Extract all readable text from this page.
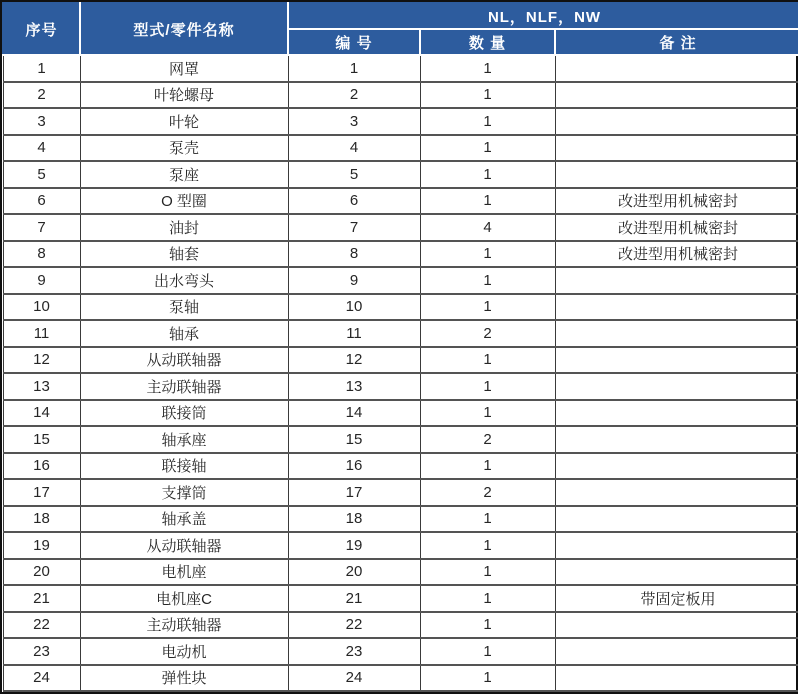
序号	型式/零件名称	NL，NLF，NW		
		编 号	数 量	备 注
1	网罩	1	1	
2	叶轮螺母	2	1	
3	叶轮	3	1	
4	泵壳	4	1	
5	泵座	5	1	
6	O 型圈	6	1	改进型用机械密封
7	油封	7	4	改进型用机械密封
8	轴套	8	1	改进型用机械密封
9	出水弯头	9	1	
10	泵轴	10	1	
11	轴承	11	2	
12	从动联轴器	12	1	
13	主动联轴器	13	1	
14	联接筒	14	1	
15	轴承座	15	2	
16	联接轴	16	1	
17	支撑筒	17	2	
18	轴承盖	18	1	
19	从动联轴器	19	1	
20	电机座	20	1	
21	电机座C	21	1	带固定板用
22	主动联轴器	22	1	
23	电动机	23	1	
24	弹性块	24	1	
